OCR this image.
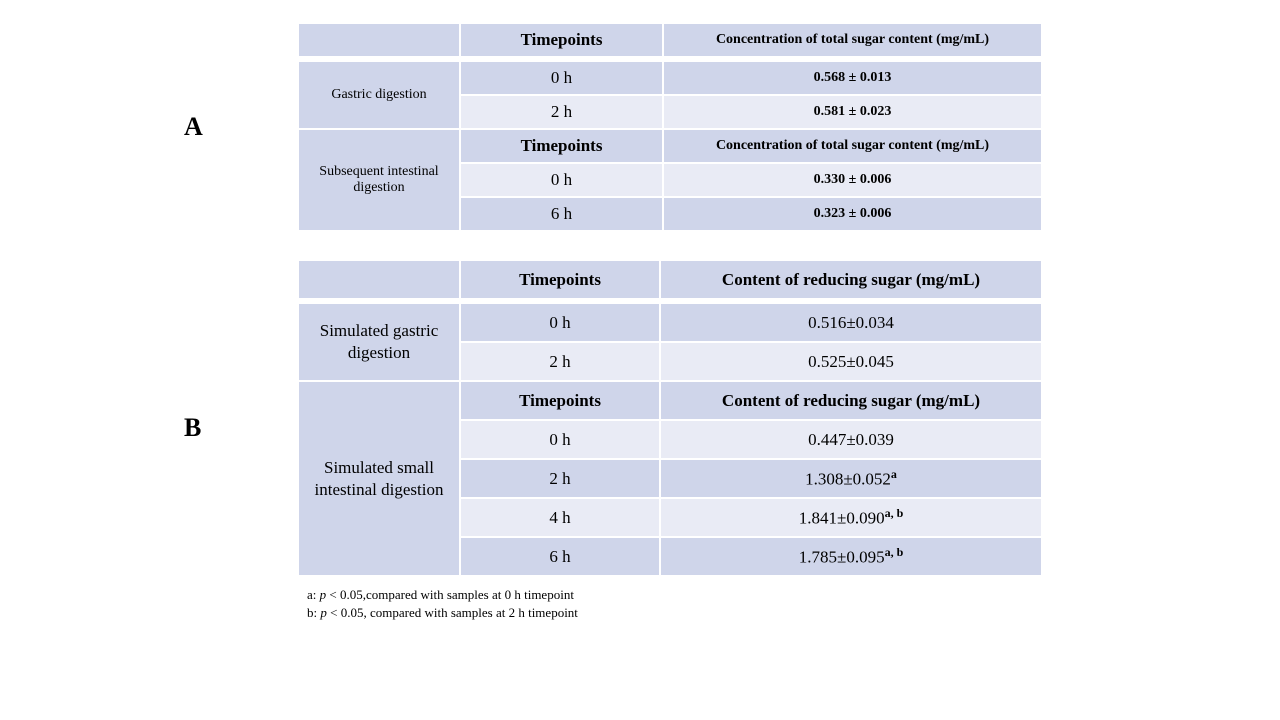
A
B
	Timepoints	Concentration of total sugar content (mg/mL)

Gastric digestion	0 h	0.568 ± 0.013
	2 h	0.581 ± 0.023
Subsequent intestinal digestion	Timepoints	Concentration of total sugar content (mg/mL)
	0 h	0.330 ± 0.006
	6 h	0.323 ± 0.006
	Timepoints	Content of reducing sugar (mg/mL)

Simulated gastric digestion	0 h	0.516±0.034
	2 h	0.525±0.045
Simulated small intestinal digestion	Timepoints	Content of reducing sugar (mg/mL)
	0 h	0.447±0.039
	2 h	1.308±0.052$^a$
	4 h	$1.841\pm 0.090^{a, b}$
	6 h	$1.785\pm 0.095^{a, b}$
a: p < 0.05,compared with samples at 0 h timepoint
b: p < 0.05, compared with samples at 2 h timepoint
